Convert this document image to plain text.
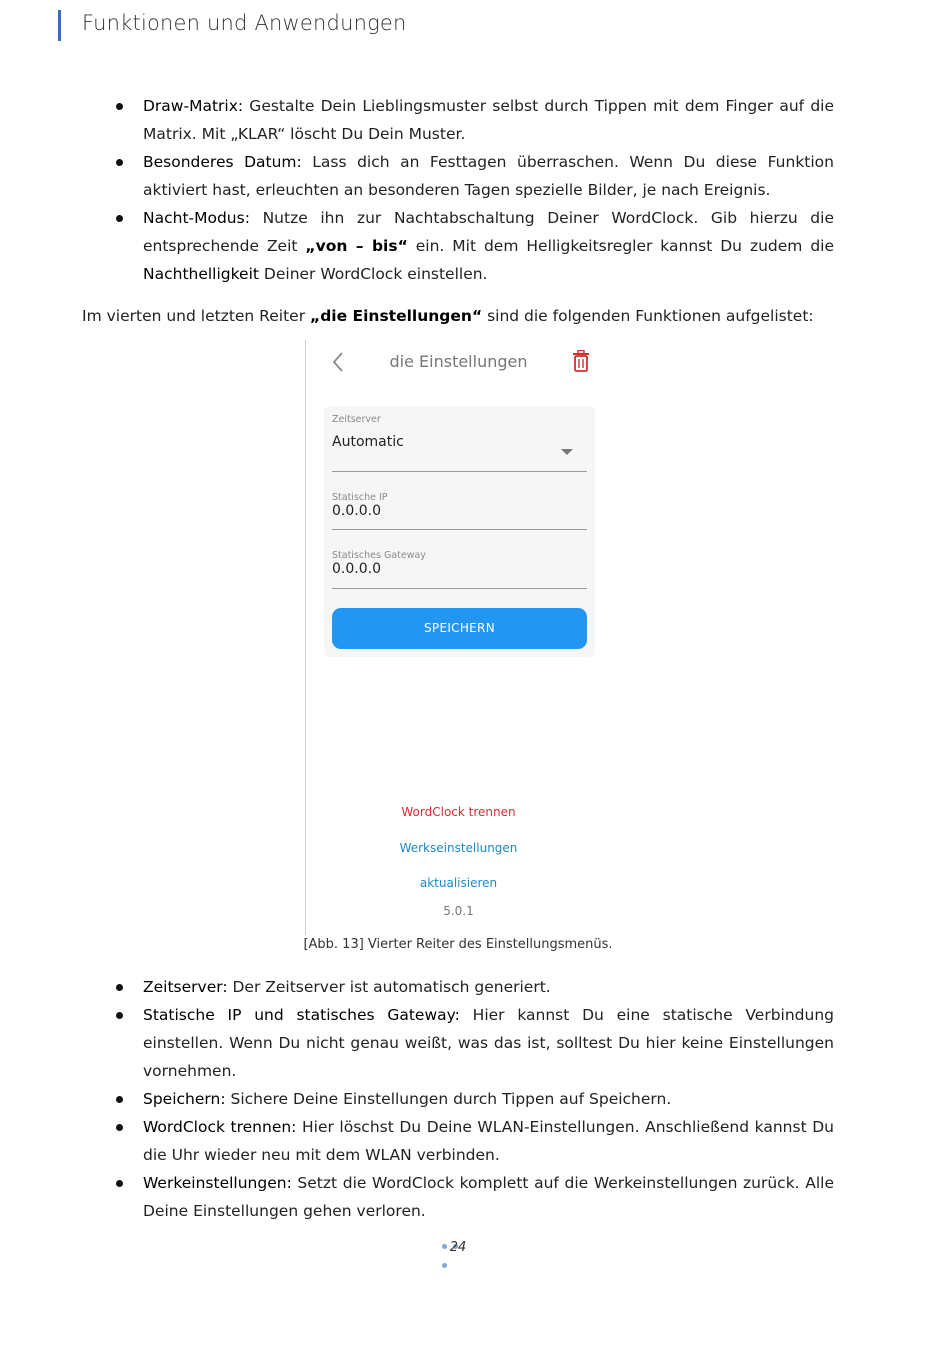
Funktionen und Anwendungen

Draw-Matrix: Gestalte Dein Lieblingsmuster selbst durch Tippen mit dem Finger auf die Matrix. Mit „KLAR“ löscht Du Dein Muster.

Besonderes Datum: Lass dich an Festtagen überraschen. Wenn Du diese Funktion aktiviert hast, erleuchten an besonderen Tagen spezielle Bilder, je nach Ereignis.

Nacht-Modus: Nutze ihn zur Nachtabschaltung Deiner WordClock. Gib hierzu die entsprechende Zeit „von – bis“ ein. Mit dem Helligkeitsregler kannst Du zudem die Nachthelligkeit Deiner WordClock einstellen.

Im vierten und letzten Reiter „die Einstellungen“ sind die folgenden Funktionen aufgelistet:
die Einstellungen
Zeitserver
Automatic
Statische IP
0.0.0.0
Statisches Gateway
0.0.0.0
SPEICHERN
WordClock trennen
Werkseinstellungen
aktualisieren
5.0.1
[Abb. 13] Vierter Reiter des Einstellungsmenüs.

Zeitserver: Der Zeitserver ist automatisch generiert.

Statische IP und statisches Gateway: Hier kannst Du eine statische Verbindung einstellen. Wenn Du nicht genau weißt, was das ist, solltest Du hier keine Einstellungen vornehmen.

Speichern: Sichere Deine Einstellungen durch Tippen auf Speichern.

WordClock trennen: Hier löschst Du Deine WLAN-Einstellungen. Anschließend kannst Du die Uhr wieder neu mit dem WLAN verbinden.

Werkeinstellungen: Setzt die WordClock komplett auf die Werkeinstellungen zurück. Alle Deine Einstellungen gehen verloren.

24
